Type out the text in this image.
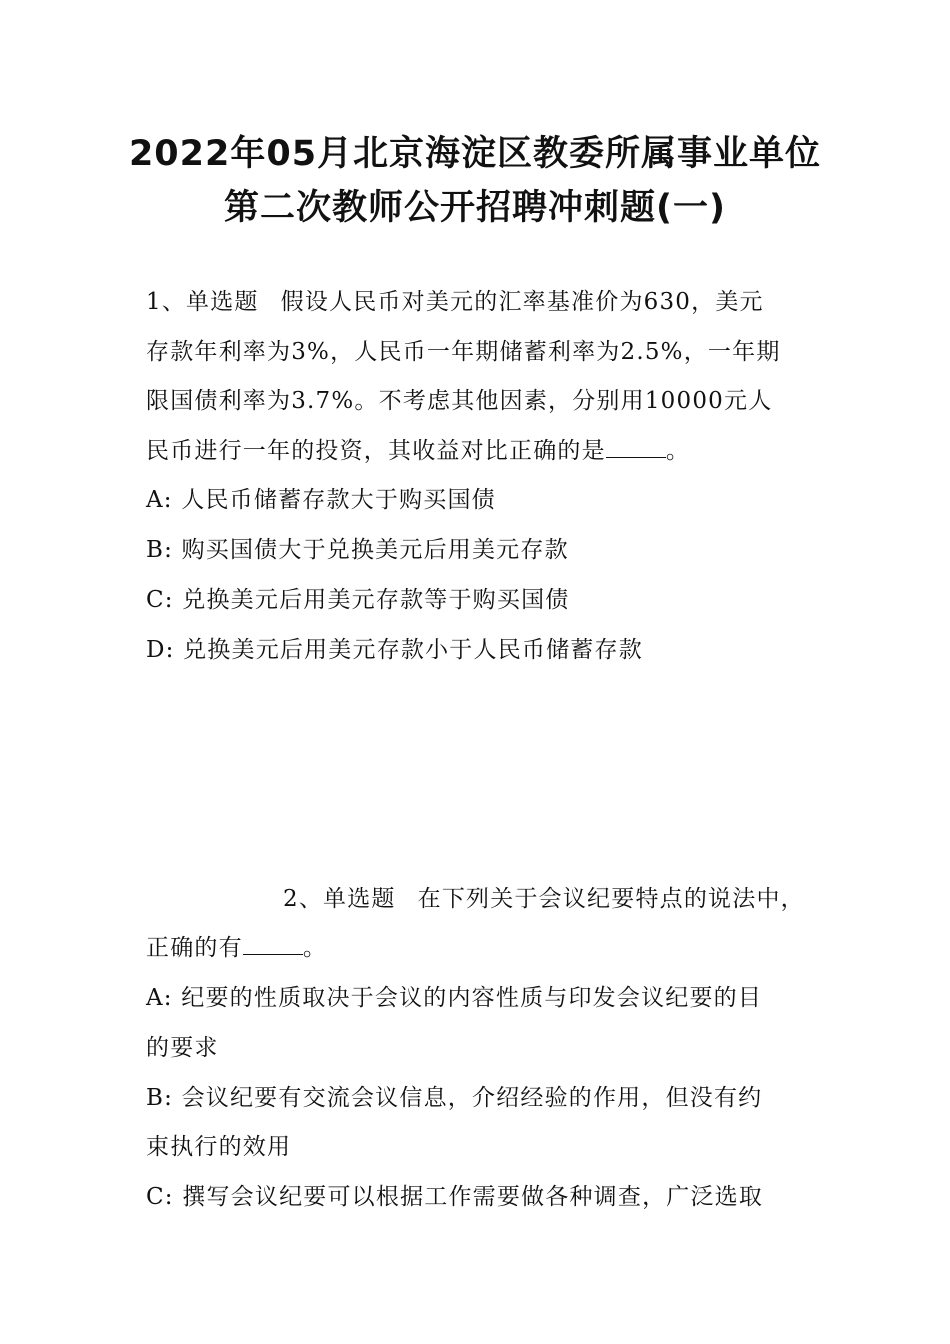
2022年05月北京海淀区教委所属事业单位
第二次教师公开招聘冲刺题(一)

1、单选题 假设人民币对美元的汇率基准价为630，美元

存款年利率为3%，人民币一年期储蓄利率为2.5%，一年期

限国债利率为3.7%。不考虑其他因素，分别用10000元人

民币进行一年的投资，其收益对比正确的是	。

A: 人民币储蓄存款大于购买国债

B: 购买国债大于兑换美元后用美元存款

C: 兑换美元后用美元存款等于购买国债

D: 兑换美元后用美元存款小于人民币储蓄存款

2、单选题 在下列关于会议纪要特点的说法中，

正确的有	。

A: 纪要的性质取决于会议的内容性质与印发会议纪要的目

的要求

B: 会议纪要有交流会议信息，介绍经验的作用，但没有约

束执行的效用

C: 撰写会议纪要可以根据工作需要做各种调查，广泛选取
